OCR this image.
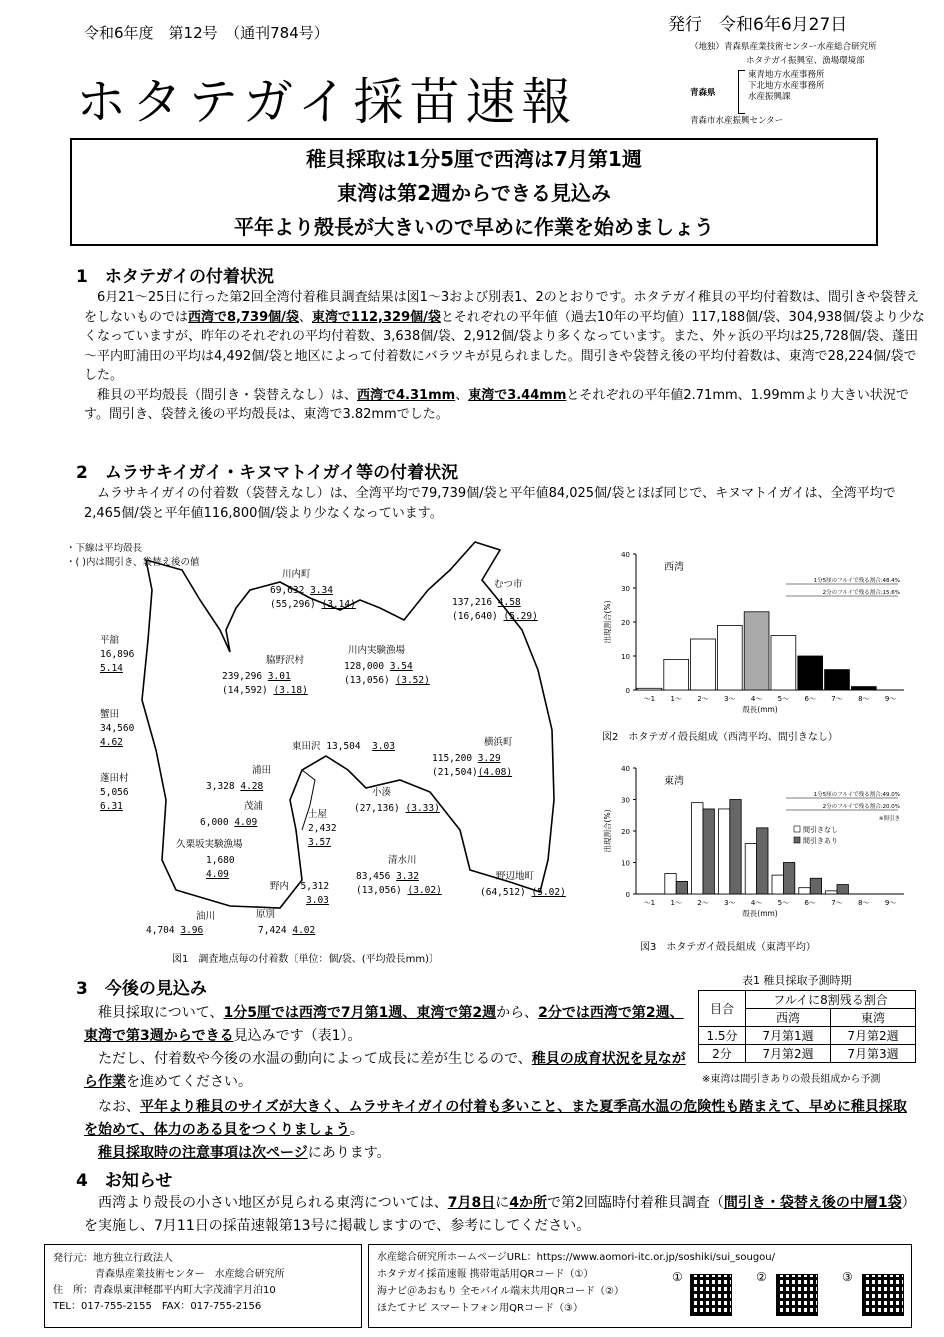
令和6年度　第12号　（通刊784号）	発行　令和6年6月27日
ホタテガイ採苗速報
（地独）青森県産業技術センター水産総合研究所
ホタテガイ振興室、漁場環境部
青森県
東青地方水産事務所
下北地方水産事務所
水産振興課
青森市水産振興センター
稚貝採取は1分5厘で西湾は7月第1週
東湾は第2週からできる見込み
平年より殻長が大きいので早めに作業を始めましょう
1　ホタテガイの付着状況
　6月21～25日に行った第2回全湾付着稚貝調査結果は図1～3および別表1、2のとおりです。ホタテガイ稚貝の平均付着数は、間引きや袋替えをしないものでは西湾で8,739個/袋、東湾で112,329個/袋とそれぞれの平年値（過去10年の平均値）117,188個/袋、304,938個/袋より少なくなっていますが、昨年のそれぞれの平均付着数、3,638個/袋、2,912個/袋より多くなっています。また、外ヶ浜の平均は25,728個/袋、蓬田～平内町浦田の平均は4,492個/袋と地区によって付着数にバラツキが見られました。間引きや袋替え後の平均付着数は、東湾で28,224個/袋でした。
　稚貝の平均殻長（間引き・袋替えなし）は、西湾で4.31mm、東湾で3.44mmとそれぞれの平年値2.71mm、1.99mmより大きい状況です。間引き、袋替え後の平均殻長は、東湾で3.82mmでした。
2　ムラサキイガイ・キヌマトイガイ等の付着状況
　ムラサキイガイの付着数（袋替えなし）は、全湾平均で79,739個/袋と平年値84,025個/袋とほぼ同じで、キヌマトイガイは、全湾平均で2,465個/袋と平年値116,800個/袋より少なくなっています。
・下線は平均殻長
・( )内は間引き、袋替え後の値
川内町
69,632 3.34
(55,296) (3.14)
むつ市
137,216 4.58
(16,640) (5.29)
平舘
16,896
5.14
川内実験漁場
128,000 3.54
(13,056) (3.52)
脇野沢村
239,296 3.01
(14,592) (3.18)
蟹田
34,560
4.62	東田沢 13,504 3.03	横浜町
115,200 3.29
(21,504)(4.08)
蓬田村
5,056
6.31
浦田
3,328 4.28
小湊
(27,136) (3.33)
茂浦
6,000 4.09
土屋
2,432
3.57
久栗坂実験漁場
1,680
4.09
清水川
83,456 3.32
(13,056) (3.02)
野辺地町
(64,512) (5.02)
野内 5,312
3.03
油川
4,704 3.96
原別
7,424 4.02
図1　調査地点毎の付着数〔単位：個/袋、(平均殻長mm)〕
0
10
20
30
40
～1 1～ 2～ 3～ 4～ 5～ 6～ 7～ 8～ 9～
西湾
1分5厘のフルイで残る割合:48.4%
2分のフルイで残る割合:15.6%
出現割合(%)
殻長(mm)
図2　ホタテガイ殻長組成（西湾平均、間引きなし）
0
10
20
30
40
～1 1～ 2～ 3～ 4～ 5～ 6～ 7～ 8～ 9～
間引きなし
間引きあり
東湾
1分5厘のフルイで残る割合:49.0%
2分のフルイで残る割合:20.0%
※間引き
出現割合(%)
殻長(mm)
図3　ホタテガイ殻長組成（東湾平均）
3　今後の見込み
　稚貝採取について、1分5厘では西湾で7月第1週、東湾で第2週から、2分では西湾で第2週、東湾で第3週からできる見込みです（表1）。
　ただし、付着数や今後の水温の動向によって成長に差が生じるので、稚貝の成育状況を見ながら作業を進めてください。
　なお、平年より稚貝のサイズが大きく、ムラサキイガイの付着も多いこと、また夏季高水温の危険性も踏まえて、早めに稚貝採取を始めて、体力のある貝をつくりましょう。
　稚貝採取時の注意事項は次ページにあります。
表1 稚貝採取予測時期
目合	フルイに8割残る割合	
	西湾	東湾
1.5分	7月第1週	7月第2週
2分	7月第2週	7月第3週
※東湾は間引きありの殻長組成から予測
4　お知らせ
　西湾より殻長の小さい地区が見られる東湾については、7月8日に4か所で第2回臨時付着稚貝調査（間引き・袋替え後の中層1袋）を実施し、7月11日の採苗速報第13号に掲載しますので、参考にしてください。
発行元：地方独立行政法人
青森県産業技術センター　水産総合研究所
住　所：青森県東津軽郡平内町大字茂浦字月泊10
TEL：017-755-2155　FAX：017-755-2156
水産総合研究所ホームページURL：https://www.aomori-itc.or.jp/soshiki/sui_sougou/
ホタテガイ採苗速報 携帯電話用QRコード（①）
海ナビ＠あおもり 全モバイル端末共用QRコード（②）
ほたてナビ スマートフォン用QRコード（③）
①	②	③
